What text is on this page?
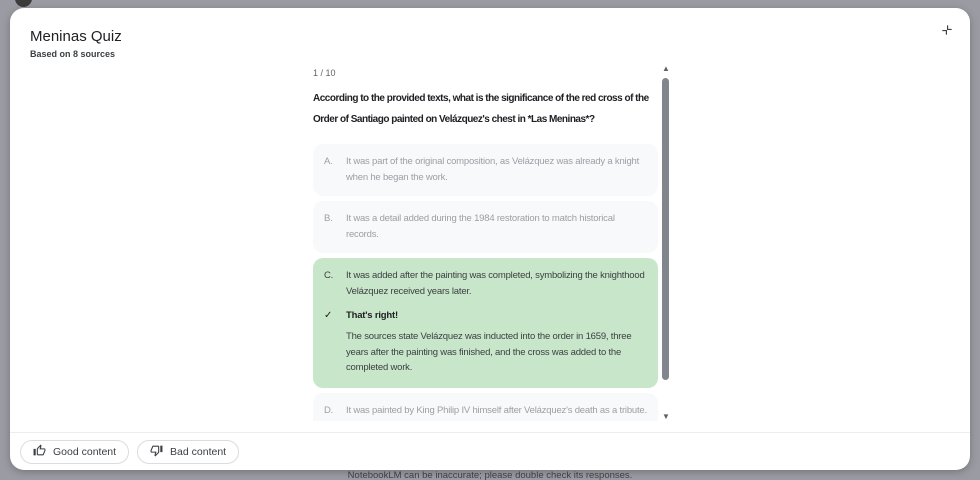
NotebookLM can be inaccurate; please double check its responses.
Meninas Quiz
Based on 8 sources
1 / 10
According to the provided texts, what is the significance of the red cross of the Order of Santiago painted on Velázquez's chest in *Las Meninas*?
A.	It was part of the original composition, as Velázquez was already a knight when he began the work.
B.	It was a detail added during the 1984 restoration to match historical records.
C.	It was added after the painting was completed, symbolizing the knighthood Velázquez received years later.
✓	That's right!
The sources state Velázquez was inducted into the order in 1659, three years after the painting was finished, and the cross was added to the completed work.
D.	It was painted by King Philip IV himself after Velázquez's death as a tribute.
▲
▼
Good content	Bad content
